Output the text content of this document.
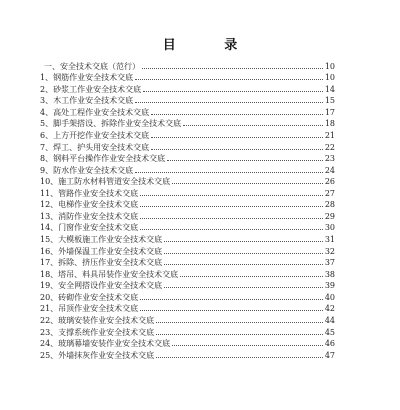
目 录
一、安全技术交底（范行）	10
1、钢筋作业安全技术交底	10
2、砂浆工作业安全技术交底	14
3、木工作业安全技术交底	15
4、高处工程作业安全技术交底	17
5、脚手架搭设、拆除作业安全技术交底	18
6、上方开挖作业安全技术交底	21
7、焊工、护头用安全技术交底	22
8、钢料平台操作作业安全技术交底	23
9、防水作业安全技术交底	24
10、施工防水材料管道安全技术交底	26
11、管路作业安全技术交底	27
12、电梯作业安全技术交底	28
13、消防作业安全技术交底	29
14、门窗作业安全技术交底	30
15、大模板施工作业安全技术交底	31
16、外墙保温工作业安全技术交底	32
17、拆除、挤压作业安全技术交底	37
18、塔吊、料具吊装作业安全技术交底	38
19、安全网搭设作业安全技术交底	39
20、砖砌作业安全技术交底	40
21、吊顶作业安全技术交底	42
22、玻璃安装作业安全技术交底	44
23、支撑系统作业安全技术交底	45
24、玻璃幕墙安装作业安全技术交底	46
25、外墙抹灰作业安全技术交底	47
